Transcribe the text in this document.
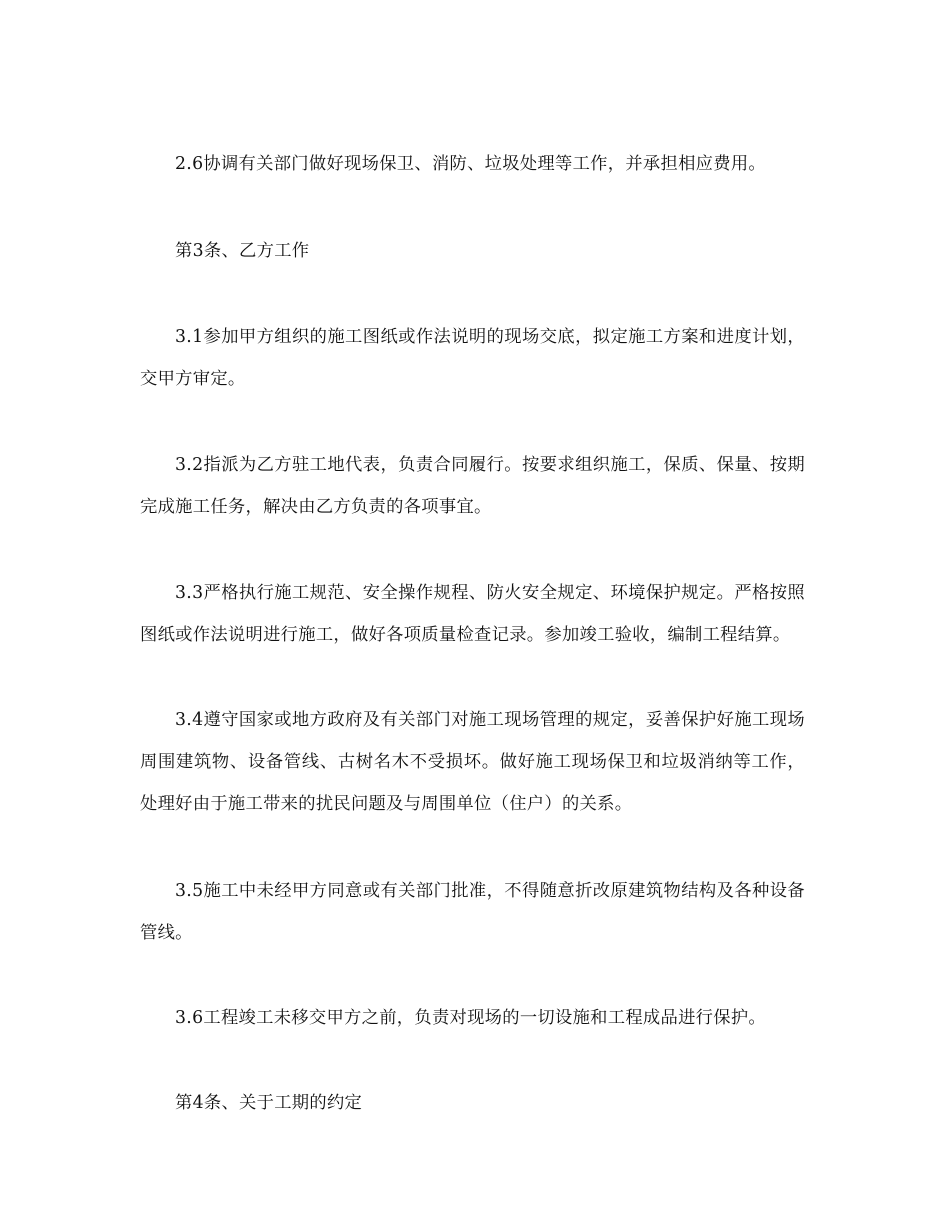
2.6协调有关部门做好现场保卫、消防、垃圾处理等工作，并承担相应费用。

第3条、乙方工作

3.1参加甲方组织的施工图纸或作法说明的现场交底，拟定施工方案和进度计划，交甲方审定。

3.2指派为乙方驻工地代表，负责合同履行。按要求组织施工，保质、保量、按期完成施工任务，解决由乙方负责的各项事宜。

3.3严格执行施工规范、安全操作规程、防火安全规定、环境保护规定。严格按照图纸或作法说明进行施工，做好各项质量检查记录。参加竣工验收，编制工程结算。

3.4遵守国家或地方政府及有关部门对施工现场管理的规定，妥善保护好施工现场周围建筑物、设备管线、古树名木不受损坏。做好施工现场保卫和垃圾消纳等工作，处理好由于施工带来的扰民问题及与周围单位（住户）的关系。

3.5施工中未经甲方同意或有关部门批准，不得随意折改原建筑物结构及各种设备管线。

3.6工程竣工未移交甲方之前，负责对现场的一切设施和工程成品进行保护。

第4条、关于工期的约定
